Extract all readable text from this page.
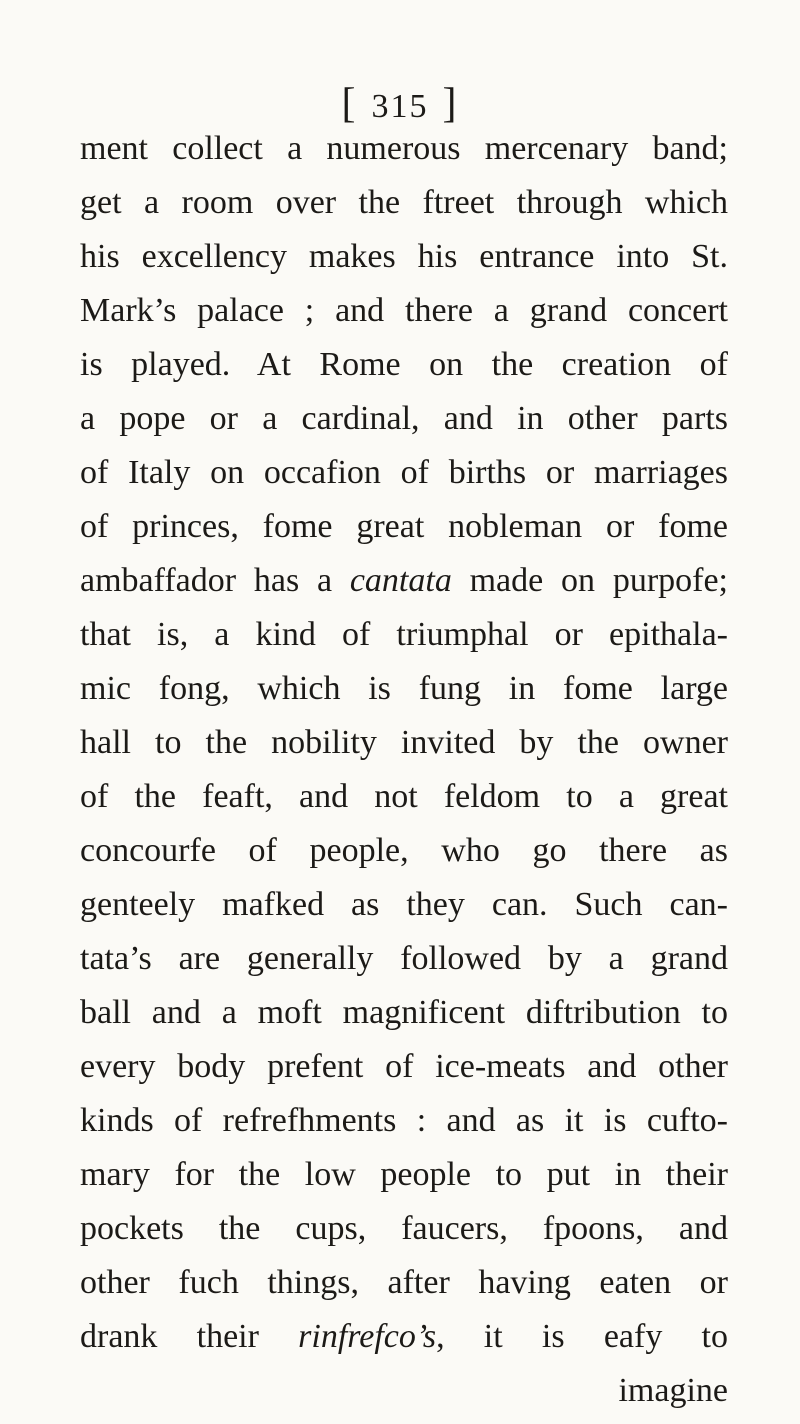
[ 315 ]
ment collect a numerous mercenary band;
get a room over the ftreet through which
his excellency makes his entrance into St.
Mark’s palace ; and there a grand concert
is played. At Rome on the creation of
a pope or a cardinal, and in other parts
of Italy on occafion of births or marriages
of princes, fome great nobleman or fome
ambaffador has a cantata made on purpofe;
that is, a kind of triumphal or epithala-
mic fong, which is fung in fome large
hall to the nobility invited by the owner
of the feaft, and not feldom to a great
concourfe of people, who go there as
genteely mafked as they can. Such can-
tata’s are generally followed by a grand
ball and a moft magnificent diftribution to
every body prefent of ice-meats and other
kinds of refrefhments : and as it is cufto-
mary for the low people to put in their
pockets the cups, faucers, fpoons, and
other fuch things, after having eaten or
drank their rinfrefco’s, it is eafy to
imagine
